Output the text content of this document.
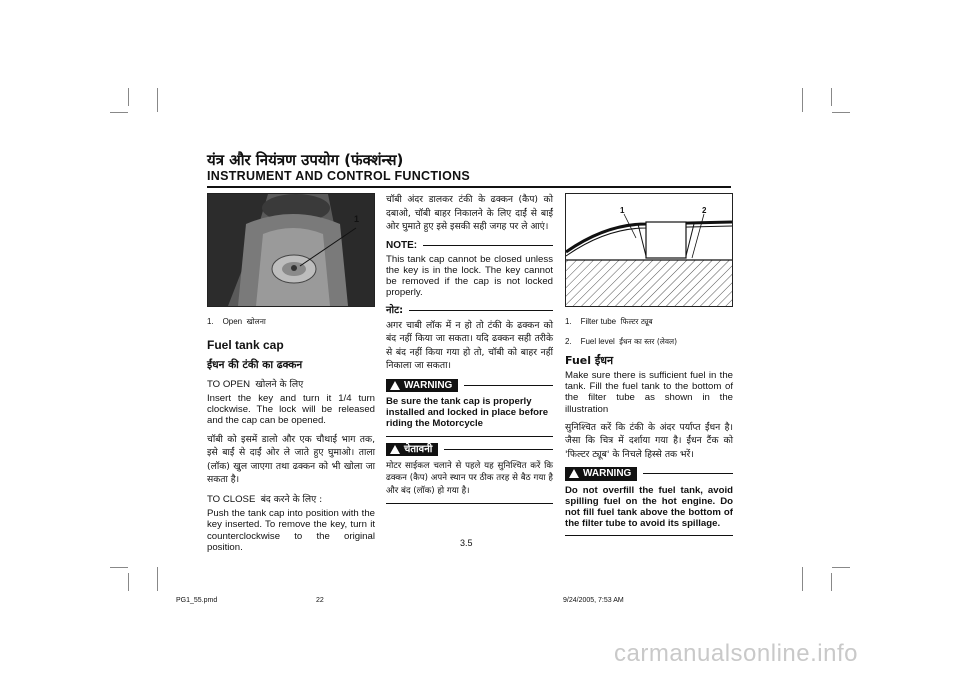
यंत्र और नियंत्रण उपयोग (फंक्शंन्स)
INSTRUMENT AND CONTROL FUNCTIONS
1

1. Open खोलना

Fuel tank cap

ईंधन की टंकी का ढक्कन

TO OPEN खोलने के लिए

Insert the key and turn it 1/4 turn clockwise. The lock will be released and the cap can be opened.

चॉबी को इसमें डालो और एक चौथाई भाग तक, इसे बाईं से दाईं ओर ले जाते हुए घुमाओ। ताला (लॉक) खुल जाएगा तथा ढक्कन को भी खोला जा सकता है।

TO CLOSE बंद करने के लिए :

Push the tank cap into position with the key inserted. To remove the key, turn it counterclockwise to the original position.

चॉबी अंदर डालकर टंकी के ढक्कन (कैप) को दबाओ, चॉबी बाहर निकालने के लिए दाईं से बाईं ओर घुमाते हुए इसे इसकी सही जगह पर ले आएं।

NOTE:

This tank cap cannot be closed unless the key is in the lock. The key cannot be removed if the cap is not locked properly.

नोट:

अगर चाबी लॉक में न हो तो टंकी के ढक्कन को बंद नहीं किया जा सकता। यदि ढक्कन सही तरीके से बंद नहीं किया गया हो तो, चॉबी को बाहर नहीं निकाला जा सकता।

WARNING

Be sure the tank cap is properly installed and locked in place before riding the Motorcycle

चेतावनी

मोटर साईकल चलाने से पहले यह सुनिश्चित करें कि ढक्कन (कैप) अपने स्थान पर ठीक तरह से बैठ गया है और बंद (लॉक) हो गया है।

1	2

1. Filter tube फिल्टर ट्यूब

2. Fuel level ईंधन का स्तर (लेवल)

Fuel ईंधन

Make sure there is sufficient fuel in the tank. Fill the fuel tank to the bottom of the filter tube as shown in the illustration

सुनिश्चित करें कि टंकी के अंदर पर्याप्त ईंधन है। जैसा कि चित्र में दर्शाया गया है। ईंधन टैंक को 'फिल्टर ट्यूब' के निचले हिस्से तक भरें।

WARNING

Do not overfill the fuel tank, avoid spilling fuel on the hot engine. Do not fill fuel tank above the bottom of the filter tube to avoid its spillage.

3.5
PG1_55.pmd	22	9/24/2005, 7:53 AM
carmanualsonline.info
